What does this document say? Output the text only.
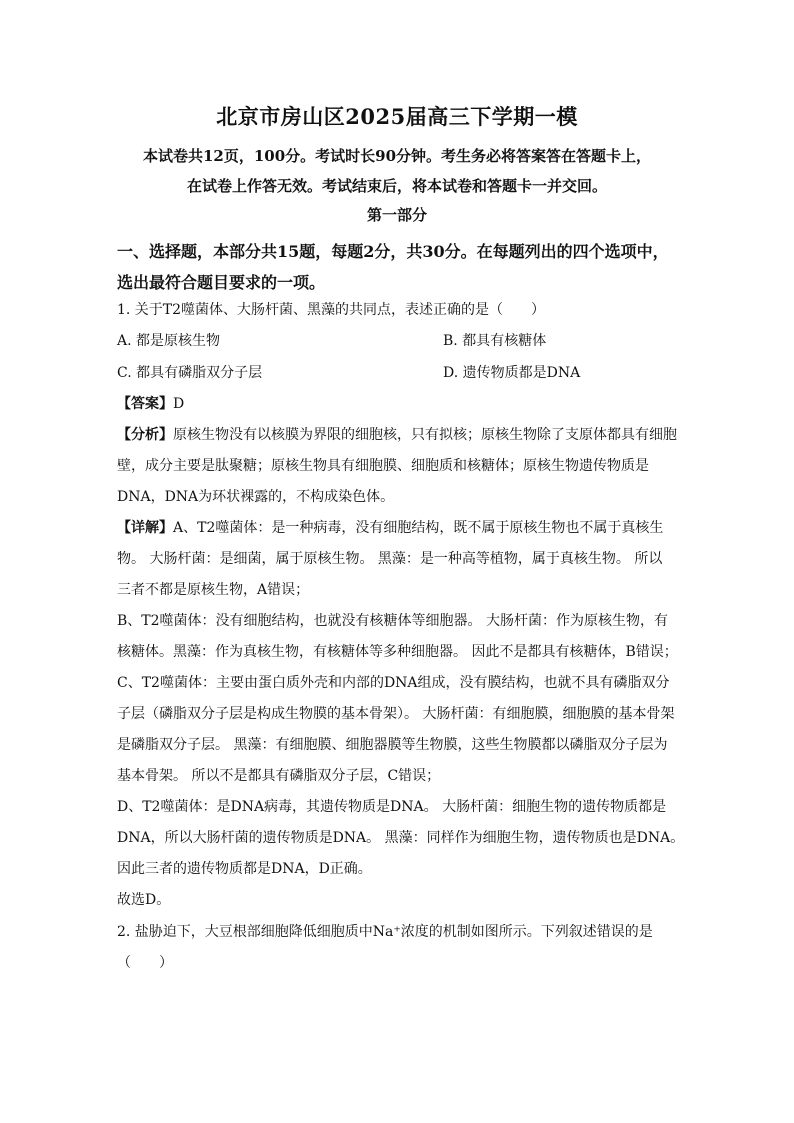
北京市房山区2025届高三下学期一模
本试卷共12页，100分。考试时长90分钟。考生务必将答案答在答题卡上，
在试卷上作答无效。考试结束后，将本试卷和答题卡一并交回。
第一部分
一、选择题，本部分共15题，每题2分，共30分。在每题列出的四个选项中，选出最符合题目要求的一项。
1. 关于T2噬菌体、大肠杆菌、黑藻的共同点，表述正确的是（　　）
A. 都是原核生物	B. 都具有核糖体
C. 都具有磷脂双分子层	D. 遗传物质都是DNA
【答案】D
【分析】原核生物没有以核膜为界限的细胞核，只有拟核；原核生物除了支原体都具有细胞
壁，成分主要是肽聚糖；原核生物具有细胞膜、细胞质和核糖体；原核生物遗传物质是
DNA，DNA为环状裸露的，不构成染色体。
【详解】A、T2噬菌体：是一种病毒，没有细胞结构，既不属于原核生物也不属于真核生
物。 大肠杆菌：是细菌，属于原核生物。 黑藻：是一种高等植物，属于真核生物。 所以
三者不都是原核生物，A错误；
B、T2噬菌体：没有细胞结构，也就没有核糖体等细胞器。 大肠杆菌：作为原核生物，有
核糖体。黑藻：作为真核生物，有核糖体等多种细胞器。 因此不是都具有核糖体，B错误；
C、T2噬菌体：主要由蛋白质外壳和内部的DNA组成，没有膜结构，也就不具有磷脂双分
子层（磷脂双分子层是构成生物膜的基本骨架）。 大肠杆菌：有细胞膜，细胞膜的基本骨架
是磷脂双分子层。 黑藻：有细胞膜、细胞器膜等生物膜，这些生物膜都以磷脂双分子层为
基本骨架。 所以不是都具有磷脂双分子层，C错误；
D、T2噬菌体：是DNA病毒，其遗传物质是DNA。 大肠杆菌：细胞生物的遗传物质都是
DNA，所以大肠杆菌的遗传物质是DNA。 黑藻：同样作为细胞生物，遗传物质也是DNA。
因此三者的遗传物质都是DNA，D正确。
故选D。
2. 盐胁迫下，大豆根部细胞降低细胞质中Na⁺浓度的机制如图所示。下列叙述错误的是
（　　）
